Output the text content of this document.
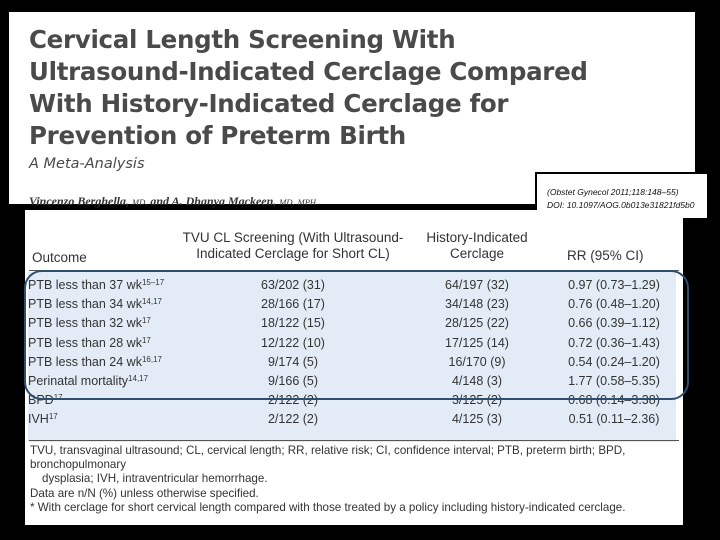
Cervical Length Screening With
Ultrasound-Indicated Cerclage Compared
With History-Indicated Cerclage for
Prevention of Preterm Birth
A Meta-Analysis
Vincenzo Berghella, MD, and A. Dhanya Mackeen, MD, MPH
(Obstet Gynecol 2011;118:148–55)
DOI: 10.1097/AOG.0b013e31821fd5b0
Outcome
TVU CL Screening (With Ultrasound-
Indicated Cerclage for Short CL)
History-Indicated
Cerclage	RR (95% CI)
PTB less than 37 $wk^{15-17}$	63/202 (31)	64/197 (32)	0.97 (0.73–1.29)
PTB less than 34 wk$^{14,17}$	28/166 (17)	34/148 (23)	0.76 (0.48–1.20)
PTB less than 32 $wk^{17}$	18/122 (15)	28/125 (22)	0.66 (0.39–1.12)
PTB less than 28 $wk^{17}$	12/122 (10)	17/125 (14)	0.72 (0.36–1.43)
PTB less than 24 wk$^{16,17}$	9/174 (5)	16/170 (9)	0.54 (0.24–1.20)
Perinatal mortality$^{14,17}$	9/166 (5)	4/148 (3)	1.77 (0.58–5.35)
BPD$^{17}$	2/122 (2)	3/125 (2)	0.68 (0.14–3.38)
IVH$^{17}$	2/122 (2)	4/125 (3)	0.51 (0.11–2.36)
TVU, transvaginal ultrasound; CL, cervical length; RR, relative risk; CI, confidence interval; PTB, preterm birth; BPD, bronchopulmonary
dysplasia; IVH, intraventricular hemorrhage.
Data are n/N (%) unless otherwise specified.
* With cerclage for short cervical length compared with those treated by a policy including history-indicated cerclage.
